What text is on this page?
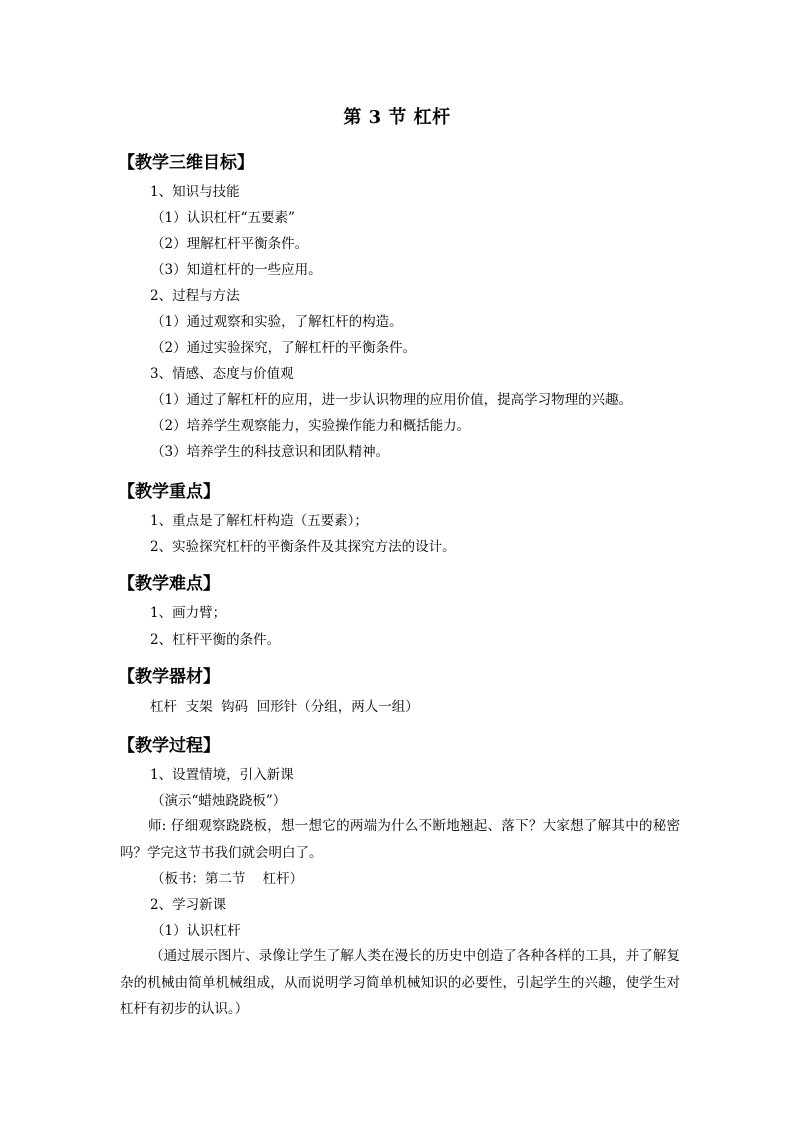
第 3 节 杠杆
【教学三维目标】
1、知识与技能
（1）认识杠杆“五要素”
（2）理解杠杆平衡条件。
（3）知道杠杆的一些应用。
2、过程与方法
（1）通过观察和实验，了解杠杆的构造。
（2）通过实验探究，了解杠杆的平衡条件。
3、情感、态度与价值观
（1）通过了解杠杆的应用，进一步认识物理的应用价值，提高学习物理的兴趣。
（2）培养学生观察能力，实验操作能力和概括能力。
（3）培养学生的科技意识和团队精神。
【教学重点】
1、重点是了解杠杆构造（五要素）；
2、实验探究杠杆的平衡条件及其探究方法的设计。
【教学难点】
1、画力臂；
2、杠杆平衡的条件。
【教学器材】
杠杆  支架  钩码  回形针（分组，两人一组）
【教学过程】
1、设置情境，引入新课
（演示“蜡烛跷跷板”）
师: 仔细观察跷跷板，想一想它的两端为什么不断地翘起、落下？大家想了解其中的秘密吗？学完这节书我们就会明白了。
（板书：第二节    杠杆）
2、学习新课
（1）认识杠杆
（通过展示图片、录像让学生了解人类在漫长的历史中创造了各种各样的工具，并了解复杂的机械由简单机械组成，从而说明学习简单机械知识的必要性，引起学生的兴趣，使学生对杠杆有初步的认识。）
